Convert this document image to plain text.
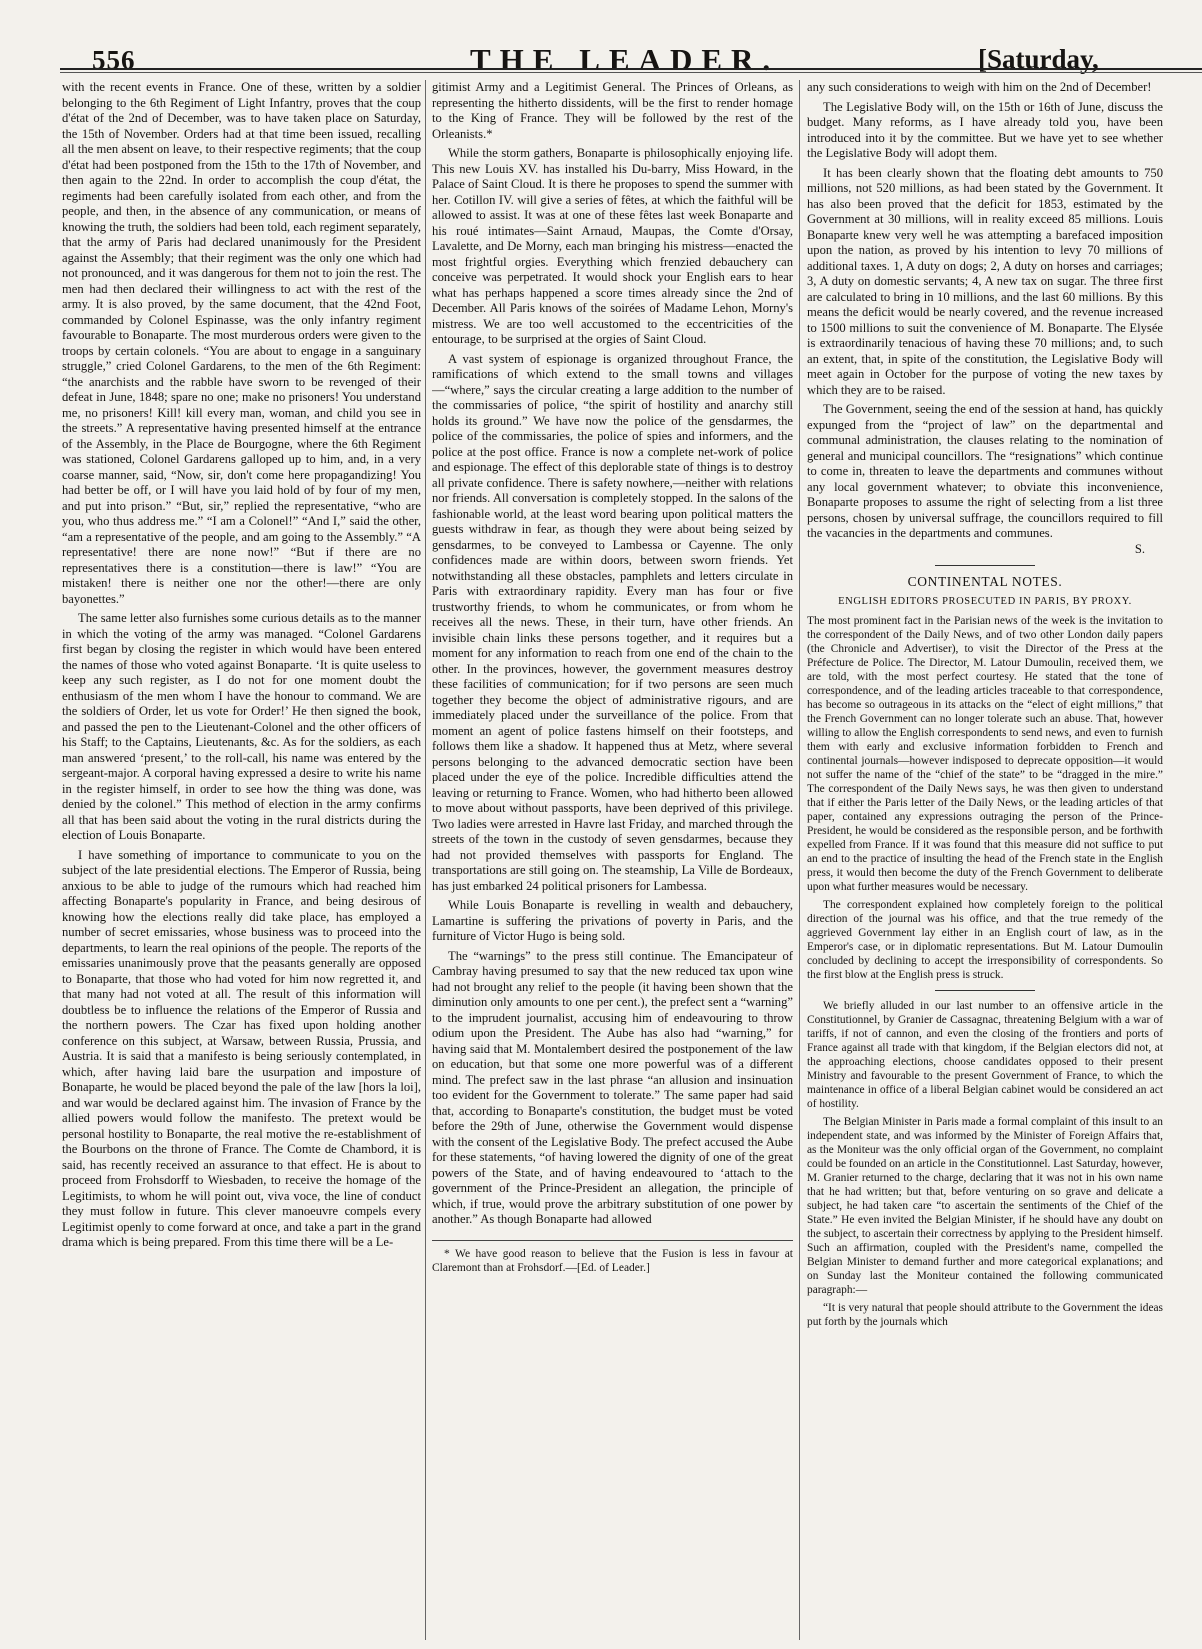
556	THE LEADER.	[Saturday,

with the recent events in France. One of these, written by a soldier belonging to the 6th Regiment of Light Infantry, proves that the coup d'état of the 2nd of December, was to have taken place on Saturday, the 15th of November. Orders had at that time been issued, recalling all the men absent on leave, to their respective regiments; that the coup d'état had been postponed from the 15th to the 17th of November, and then again to the 22nd. In order to accomplish the coup d'état, the regiments had been carefully isolated from each other, and from the people, and then, in the absence of any communication, or means of knowing the truth, the soldiers had been told, each regiment separately, that the army of Paris had declared unanimously for the President against the Assembly; that their regiment was the only one which had not pronounced, and it was dangerous for them not to join the rest. The men had then declared their willingness to act with the rest of the army. It is also proved, by the same document, that the 42nd Foot, commanded by Colonel Espinasse, was the only infantry regiment favourable to Bonaparte. The most murderous orders were given to the troops by certain colonels. “You are about to engage in a sanguinary struggle,” cried Colonel Gardarens, to the men of the 6th Regiment: “the anarchists and the rabble have sworn to be revenged of their defeat in June, 1848; spare no one; make no prisoners! You understand me, no prisoners! Kill! kill every man, woman, and child you see in the streets.” A representative having presented himself at the entrance of the Assembly, in the Place de Bourgogne, where the 6th Regiment was stationed, Colonel Gardarens galloped up to him, and, in a very coarse manner, said, “Now, sir, don't come here propagandizing! You had better be off, or I will have you laid hold of by four of my men, and put into prison.” “But, sir,” replied the representative, “who are you, who thus address me.” “I am a Colonel!” “And I,” said the other, “am a representative of the people, and am going to the Assembly.” “A representative! there are none now!” “But if there are no representatives there is a constitution—there is law!” “You are mistaken! there is neither one nor the other!—there are only bayonettes.”

The same letter also furnishes some curious details as to the manner in which the voting of the army was managed. “Colonel Gardarens first began by closing the register in which would have been entered the names of those who voted against Bonaparte. ‘It is quite useless to keep any such register, as I do not for one moment doubt the enthusiasm of the men whom I have the honour to command. We are the soldiers of Order, let us vote for Order!’ He then signed the book, and passed the pen to the Lieutenant-Colonel and the other officers of his Staff; to the Captains, Lieutenants, &c. As for the soldiers, as each man answered ‘present,’ to the roll-call, his name was entered by the sergeant-major. A corporal having expressed a desire to write his name in the register himself, in order to see how the thing was done, was denied by the colonel.” This method of election in the army confirms all that has been said about the voting in the rural districts during the election of Louis Bonaparte.

I have something of importance to communicate to you on the subject of the late presidential elections. The Emperor of Russia, being anxious to be able to judge of the rumours which had reached him affecting Bonaparte's popularity in France, and being desirous of knowing how the elections really did take place, has employed a number of secret emissaries, whose business was to proceed into the departments, to learn the real opinions of the people. The reports of the emissaries unanimously prove that the peasants generally are opposed to Bonaparte, that those who had voted for him now regretted it, and that many had not voted at all. The result of this information will doubtless be to influence the relations of the Emperor of Russia and the northern powers. The Czar has fixed upon holding another conference on this subject, at Warsaw, between Russia, Prussia, and Austria. It is said that a manifesto is being seriously contemplated, in which, after having laid bare the usurpation and imposture of Bonaparte, he would be placed beyond the pale of the law [hors la loi], and war would be declared against him. The invasion of France by the allied powers would follow the manifesto. The pretext would be personal hostility to Bonaparte, the real motive the re-establishment of the Bourbons on the throne of France. The Comte de Chambord, it is said, has recently received an assurance to that effect. He is about to proceed from Frohsdorff to Wiesbaden, to receive the homage of the Legitimists, to whom he will point out, viva voce, the line of conduct they must follow in future. This clever manoeuvre compels every Legitimist openly to come forward at once, and take a part in the grand drama which is being prepared. From this time there will be a Le-

gitimist Army and a Legitimist General. The Princes of Orleans, as representing the hitherto dissidents, will be the first to render homage to the King of France. They will be followed by the rest of the Orleanists.*

While the storm gathers, Bonaparte is philosophically enjoying life. This new Louis XV. has installed his Du-barry, Miss Howard, in the Palace of Saint Cloud. It is there he proposes to spend the summer with her. Cotillon IV. will give a series of fêtes, at which the faithful will be allowed to assist. It was at one of these fêtes last week Bonaparte and his roué intimates—Saint Arnaud, Maupas, the Comte d'Orsay, Lavalette, and De Morny, each man bringing his mistress—enacted the most frightful orgies. Everything which frenzied debauchery can conceive was perpetrated. It would shock your English ears to hear what has perhaps happened a score times already since the 2nd of December. All Paris knows of the soirées of Madame Lehon, Morny's mistress. We are too well accustomed to the eccentricities of the entourage, to be surprised at the orgies of Saint Cloud.

A vast system of espionage is organized throughout France, the ramifications of which extend to the small towns and villages—“where,” says the circular creating a large addition to the number of the commissaries of police, “the spirit of hostility and anarchy still holds its ground.” We have now the police of the gensdarmes, the police of the commissaries, the police of spies and informers, and the police at the post office. France is now a complete net-work of police and espionage. The effect of this deplorable state of things is to destroy all private confidence. There is safety nowhere,—neither with relations nor friends. All conversation is completely stopped. In the salons of the fashionable world, at the least word bearing upon political matters the guests withdraw in fear, as though they were about being seized by gensdarmes, to be conveyed to Lambessa or Cayenne. The only confidences made are within doors, between sworn friends. Yet notwithstanding all these obstacles, pamphlets and letters circulate in Paris with extraordinary rapidity. Every man has four or five trustworthy friends, to whom he communicates, or from whom he receives all the news. These, in their turn, have other friends. An invisible chain links these persons together, and it requires but a moment for any information to reach from one end of the chain to the other. In the provinces, however, the government measures destroy these facilities of communication; for if two persons are seen much together they become the object of administrative rigours, and are immediately placed under the surveillance of the police. From that moment an agent of police fastens himself on their footsteps, and follows them like a shadow. It happened thus at Metz, where several persons belonging to the advanced democratic section have been placed under the eye of the police. Incredible difficulties attend the leaving or returning to France. Women, who had hitherto been allowed to move about without passports, have been deprived of this privilege. Two ladies were arrested in Havre last Friday, and marched through the streets of the town in the custody of seven gensdarmes, because they had not provided themselves with passports for England. The transportations are still going on. The steamship, La Ville de Bordeaux, has just embarked 24 political prisoners for Lambessa.

While Louis Bonaparte is revelling in wealth and debauchery, Lamartine is suffering the privations of poverty in Paris, and the furniture of Victor Hugo is being sold.

The “warnings” to the press still continue. The Emancipateur of Cambray having presumed to say that the new reduced tax upon wine had not brought any relief to the people (it having been shown that the diminution only amounts to one per cent.), the prefect sent a “warning” to the imprudent journalist, accusing him of endeavouring to throw odium upon the President. The Aube has also had “warning,” for having said that M. Montalembert desired the postponement of the law on education, but that some one more powerful was of a different mind. The prefect saw in the last phrase “an allusion and insinuation too evident for the Government to tolerate.” The same paper had said that, according to Bonaparte's constitution, the budget must be voted before the 29th of June, otherwise the Government would dispense with the consent of the Legislative Body. The prefect accused the Aube for these statements, “of having lowered the dignity of one of the great powers of the State, and of having endeavoured to ‘attach to the government of the Prince-President an allegation, the principle of which, if true, would prove the arbitrary substitution of one power by another.” As though Bonaparte had allowed

* We have good reason to believe that the Fusion is less in favour at Claremont than at Frohsdorf.—[Ed. of Leader.]

any such considerations to weigh with him on the 2nd of December!

The Legislative Body will, on the 15th or 16th of June, discuss the budget. Many reforms, as I have already told you, have been introduced into it by the committee. But we have yet to see whether the Legislative Body will adopt them.

It has been clearly shown that the floating debt amounts to 750 millions, not 520 millions, as had been stated by the Government. It has also been proved that the deficit for 1853, estimated by the Government at 30 millions, will in reality exceed 85 millions. Louis Bonaparte knew very well he was attempting a barefaced imposition upon the nation, as proved by his intention to levy 70 millions of additional taxes. 1, A duty on dogs; 2, A duty on horses and carriages; 3, A duty on domestic servants; 4, A new tax on sugar. The three first are calculated to bring in 10 millions, and the last 60 millions. By this means the deficit would be nearly covered, and the revenue increased to 1500 millions to suit the convenience of M. Bonaparte. The Elysée is extraordinarily tenacious of having these 70 millions; and, to such an extent, that, in spite of the constitution, the Legislative Body will meet again in October for the purpose of voting the new taxes by which they are to be raised.

The Government, seeing the end of the session at hand, has quickly expunged from the “project of law” on the departmental and communal administration, the clauses relating to the nomination of general and municipal councillors. The “resignations” which continue to come in, threaten to leave the departments and communes without any local government whatever; to obviate this inconvenience, Bonaparte proposes to assume the right of selecting from a list three persons, chosen by universal suffrage, the councillors required to fill the vacancies in the departments and communes.

S.
CONTINENTAL NOTES.
ENGLISH EDITORS PROSECUTED IN PARIS, BY PROXY.

The most prominent fact in the Parisian news of the week is the invitation to the correspondent of the Daily News, and of two other London daily papers (the Chronicle and Advertiser), to visit the Director of the Press at the Préfecture de Police. The Director, M. Latour Dumoulin, received them, we are told, with the most perfect courtesy. He stated that the tone of correspondence, and of the leading articles traceable to that correspondence, has become so outrageous in its attacks on the “elect of eight millions,” that the French Government can no longer tolerate such an abuse. That, however willing to allow the English correspondents to send news, and even to furnish them with early and exclusive information forbidden to French and continental journals—however indisposed to deprecate opposition—it would not suffer the name of the “chief of the state” to be “dragged in the mire.” The correspondent of the Daily News says, he was then given to understand that if either the Paris letter of the Daily News, or the leading articles of that paper, contained any expressions outraging the person of the Prince-President, he would be considered as the responsible person, and be forthwith expelled from France. If it was found that this measure did not suffice to put an end to the practice of insulting the head of the French state in the English press, it would then become the duty of the French Government to deliberate upon what further measures would be necessary.

The correspondent explained how completely foreign to the political direction of the journal was his office, and that the true remedy of the aggrieved Government lay either in an English court of law, as in the Emperor's case, or in diplomatic representations. But M. Latour Dumoulin concluded by declining to accept the irresponsibility of correspondents. So the first blow at the English press is struck.

We briefly alluded in our last number to an offensive article in the Constitutionnel, by Granier de Cassagnac, threatening Belgium with a war of tariffs, if not of cannon, and even the closing of the frontiers and ports of France against all trade with that kingdom, if the Belgian electors did not, at the approaching elections, choose candidates opposed to their present Ministry and favourable to the present Government of France, to which the maintenance in office of a liberal Belgian cabinet would be considered an act of hostility.

The Belgian Minister in Paris made a formal complaint of this insult to an independent state, and was informed by the Minister of Foreign Affairs that, as the Moniteur was the only official organ of the Government, no complaint could be founded on an article in the Constitutionnel. Last Saturday, however, M. Granier returned to the charge, declaring that it was not in his own name that he had written; but that, before venturing on so grave and delicate a subject, he had taken care “to ascertain the sentiments of the Chief of the State.” He even invited the Belgian Minister, if he should have any doubt on the subject, to ascertain their correctness by applying to the President himself. Such an affirmation, coupled with the President's name, compelled the Belgian Minister to demand further and more categorical explanations; and on Sunday last the Moniteur contained the following communicated paragraph:—

“It is very natural that people should attribute to the Government the ideas put forth by the journals which
